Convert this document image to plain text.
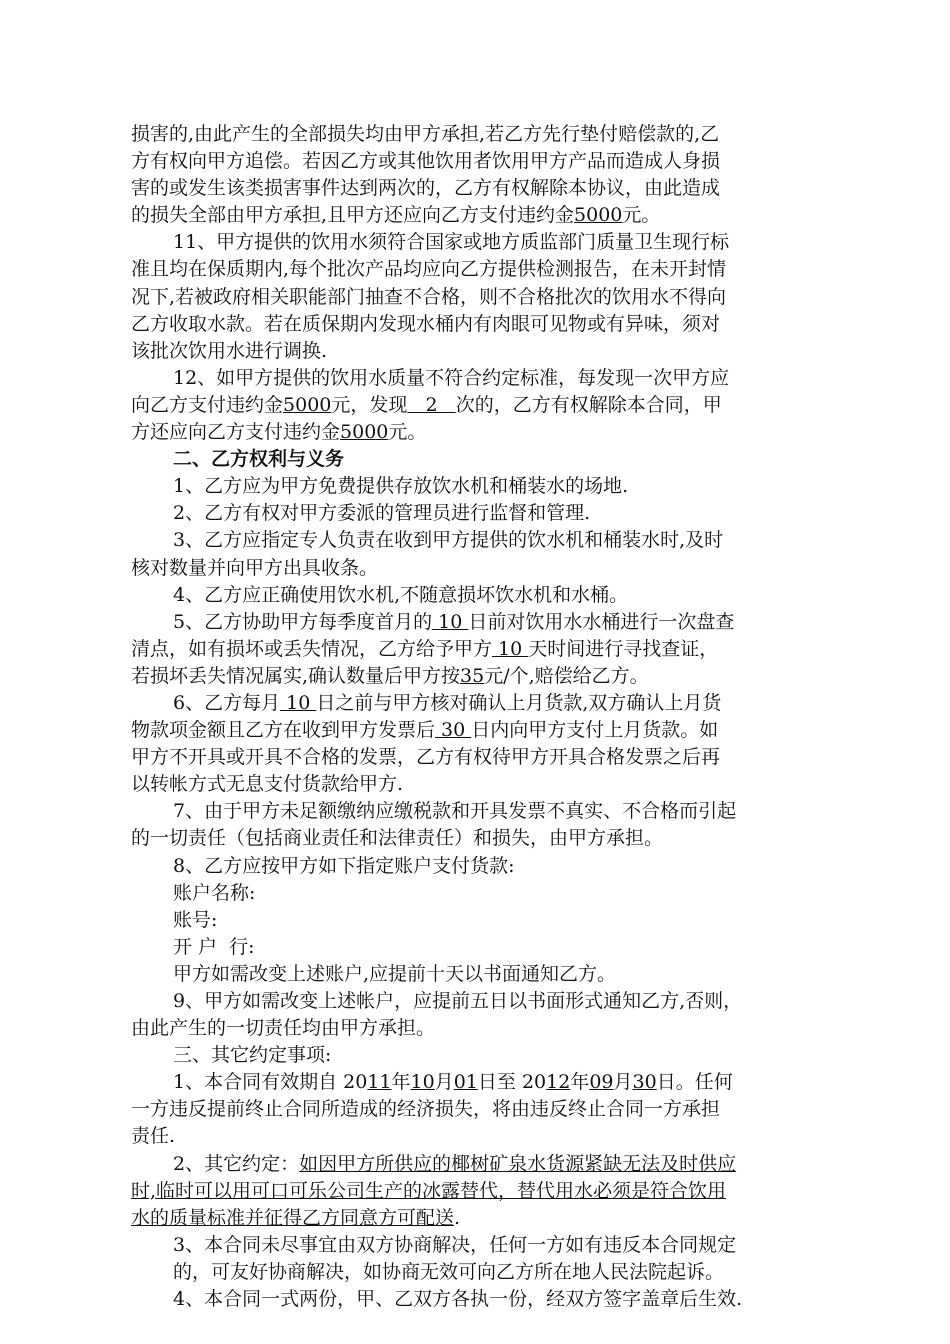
损害的,由此产生的全部损失均由甲方承担,若乙方先行垫付赔偿款的,乙
方有权向甲方追偿。若因乙方或其他饮用者饮用甲方产品而造成人身损
害的或发生该类损害事件达到两次的，乙方有权解除本协议，由此造成
的损失全部由甲方承担,且甲方还应向乙方支付违约金5000元。
11、甲方提供的饮用水须符合国家或地方质监部门质量卫生现行标
准且均在保质期内,每个批次产品均应向乙方提供检测报告，在未开封情
况下,若被政府相关职能部门抽查不合格，则不合格批次的饮用水不得向
乙方收取水款。若在质保期内发现水桶内有肉眼可见物或有异味，须对
该批次饮用水进行调换.
12、如甲方提供的饮用水质量不符合约定标准，每发现一次甲方应
向乙方支付违约金5000元，发现   2   次的，乙方有权解除本合同，甲
方还应向乙方支付违约金5000元。
二、乙方权利与义务
1、乙方应为甲方免费提供存放饮水机和桶装水的场地.
2、乙方有权对甲方委派的管理员进行监督和管理.
3、乙方应指定专人负责在收到甲方提供的饮水机和桶装水时,及时
核对数量并向甲方出具收条。
4、乙方应正确使用饮水机,不随意损坏饮水机和水桶。
5、乙方协助甲方每季度首月的 10 日前对饮用水水桶进行一次盘查
清点，如有损坏或丢失情况，乙方给予甲方 10 天时间进行寻找查证，
若损坏丢失情况属实,确认数量后甲方按35元/个,赔偿给乙方。
6、乙方每月 10 日之前与甲方核对确认上月货款,双方确认上月货
物款项金额且乙方在收到甲方发票后 30 日内向甲方支付上月货款。如
甲方不开具或开具不合格的发票，乙方有权待甲方开具合格发票之后再
以转帐方式无息支付货款给甲方.
7、由于甲方未足额缴纳应缴税款和开具发票不真实、不合格而引起
的一切责任（包括商业责任和法律责任）和损失，由甲方承担。
8、乙方应按甲方如下指定账户支付货款:
账户名称:
账号:
开 户  行:
甲方如需改变上述账户,应提前十天以书面通知乙方。
9、甲方如需改变上述帐户，应提前五日以书面形式通知乙方,否则，
由此产生的一切责任均由甲方承担。
三、其它约定事项:
1、本合同有效期自 2011年10月01日至 2012年09月30日。任何
一方违反提前终止合同所造成的经济损失，将由违反终止合同一方承担
责任.
2、其它约定：如因甲方所供应的椰树矿泉水货源紧缺无法及时供应
时,临时可以用可口可乐公司生产的冰露替代，替代用水必须是符合饮用
水的质量标准并征得乙方同意方可配送.
3、本合同未尽事宜由双方协商解决，任何一方如有违反本合同规定
的，可友好协商解决，如协商无效可向乙方所在地人民法院起诉。
4、本合同一式两份，甲、乙双方各执一份，经双方签字盖章后生效.
